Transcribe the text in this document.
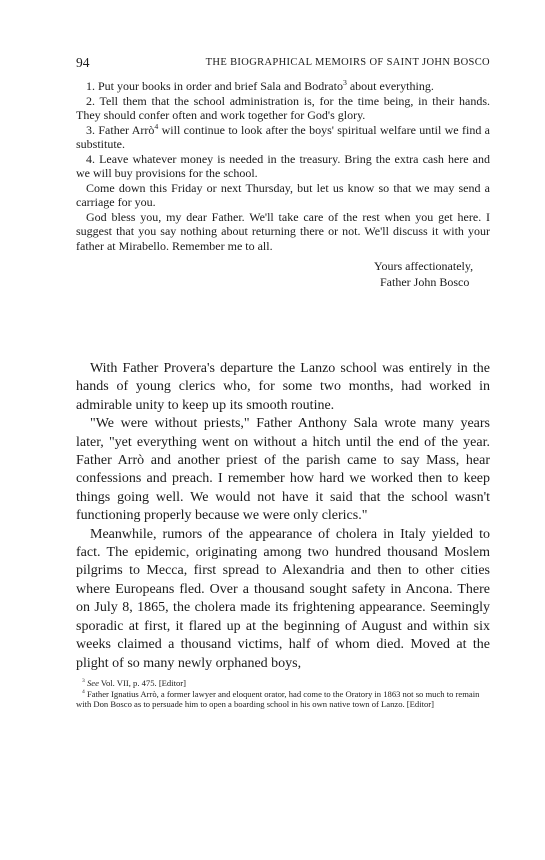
94	THE BIOGRAPHICAL MEMOIRS OF SAINT JOHN BOSCO

1. Put your books in order and brief Sala and Bodrato$^3$ about everything.

2. Tell them that the school administration is, for the time being, in their hands. They should confer often and work together for God's glory.

3. Father Arrò$^4$ will continue to look after the boys' spiritual welfare until we find a substitute.

4. Leave whatever money is needed in the treasury. Bring the extra cash here and we will buy provisions for the school.

Come down this Friday or next Thursday, but let us know so that we may send a carriage for you.

God bless you, my dear Father. We'll take care of the rest when you get here. I suggest that you say nothing about returning there or not. We'll discuss it with your father at Mirabello. Remember me to all.

Yours affectionately,
Father John Bosco

With Father Provera's departure the Lanzo school was entirely in the hands of young clerics who, for some two months, had worked in admirable unity to keep up its smooth routine.

"We were without priests," Father Anthony Sala wrote many years later, "yet everything went on without a hitch until the end of the year. Father Arrò and another priest of the parish came to say Mass, hear confessions and preach. I remember how hard we worked then to keep things going well. We would not have it said that the school wasn't functioning properly because we were only clerics."

Meanwhile, rumors of the appearance of cholera in Italy yielded to fact. The epidemic, originating among two hundred thousand Moslem pilgrims to Mecca, first spread to Alexandria and then to other cities where Europeans fled. Over a thousand sought safety in Ancona. There on July 8, 1865, the cholera made its frightening appearance. Seemingly sporadic at first, it flared up at the beginning of August and within six weeks claimed a thousand victims, half of whom died. Moved at the plight of so many newly orphaned boys,

$^3$ See Vol. VII, p. 475. [Editor]

$^4$ Father Ignatius Arrò, a former lawyer and eloquent orator, had come to the Oratory in 1863 not so much to remain with Don Bosco as to persuade him to open a boarding school in his own native town of Lanzo. [Editor]
